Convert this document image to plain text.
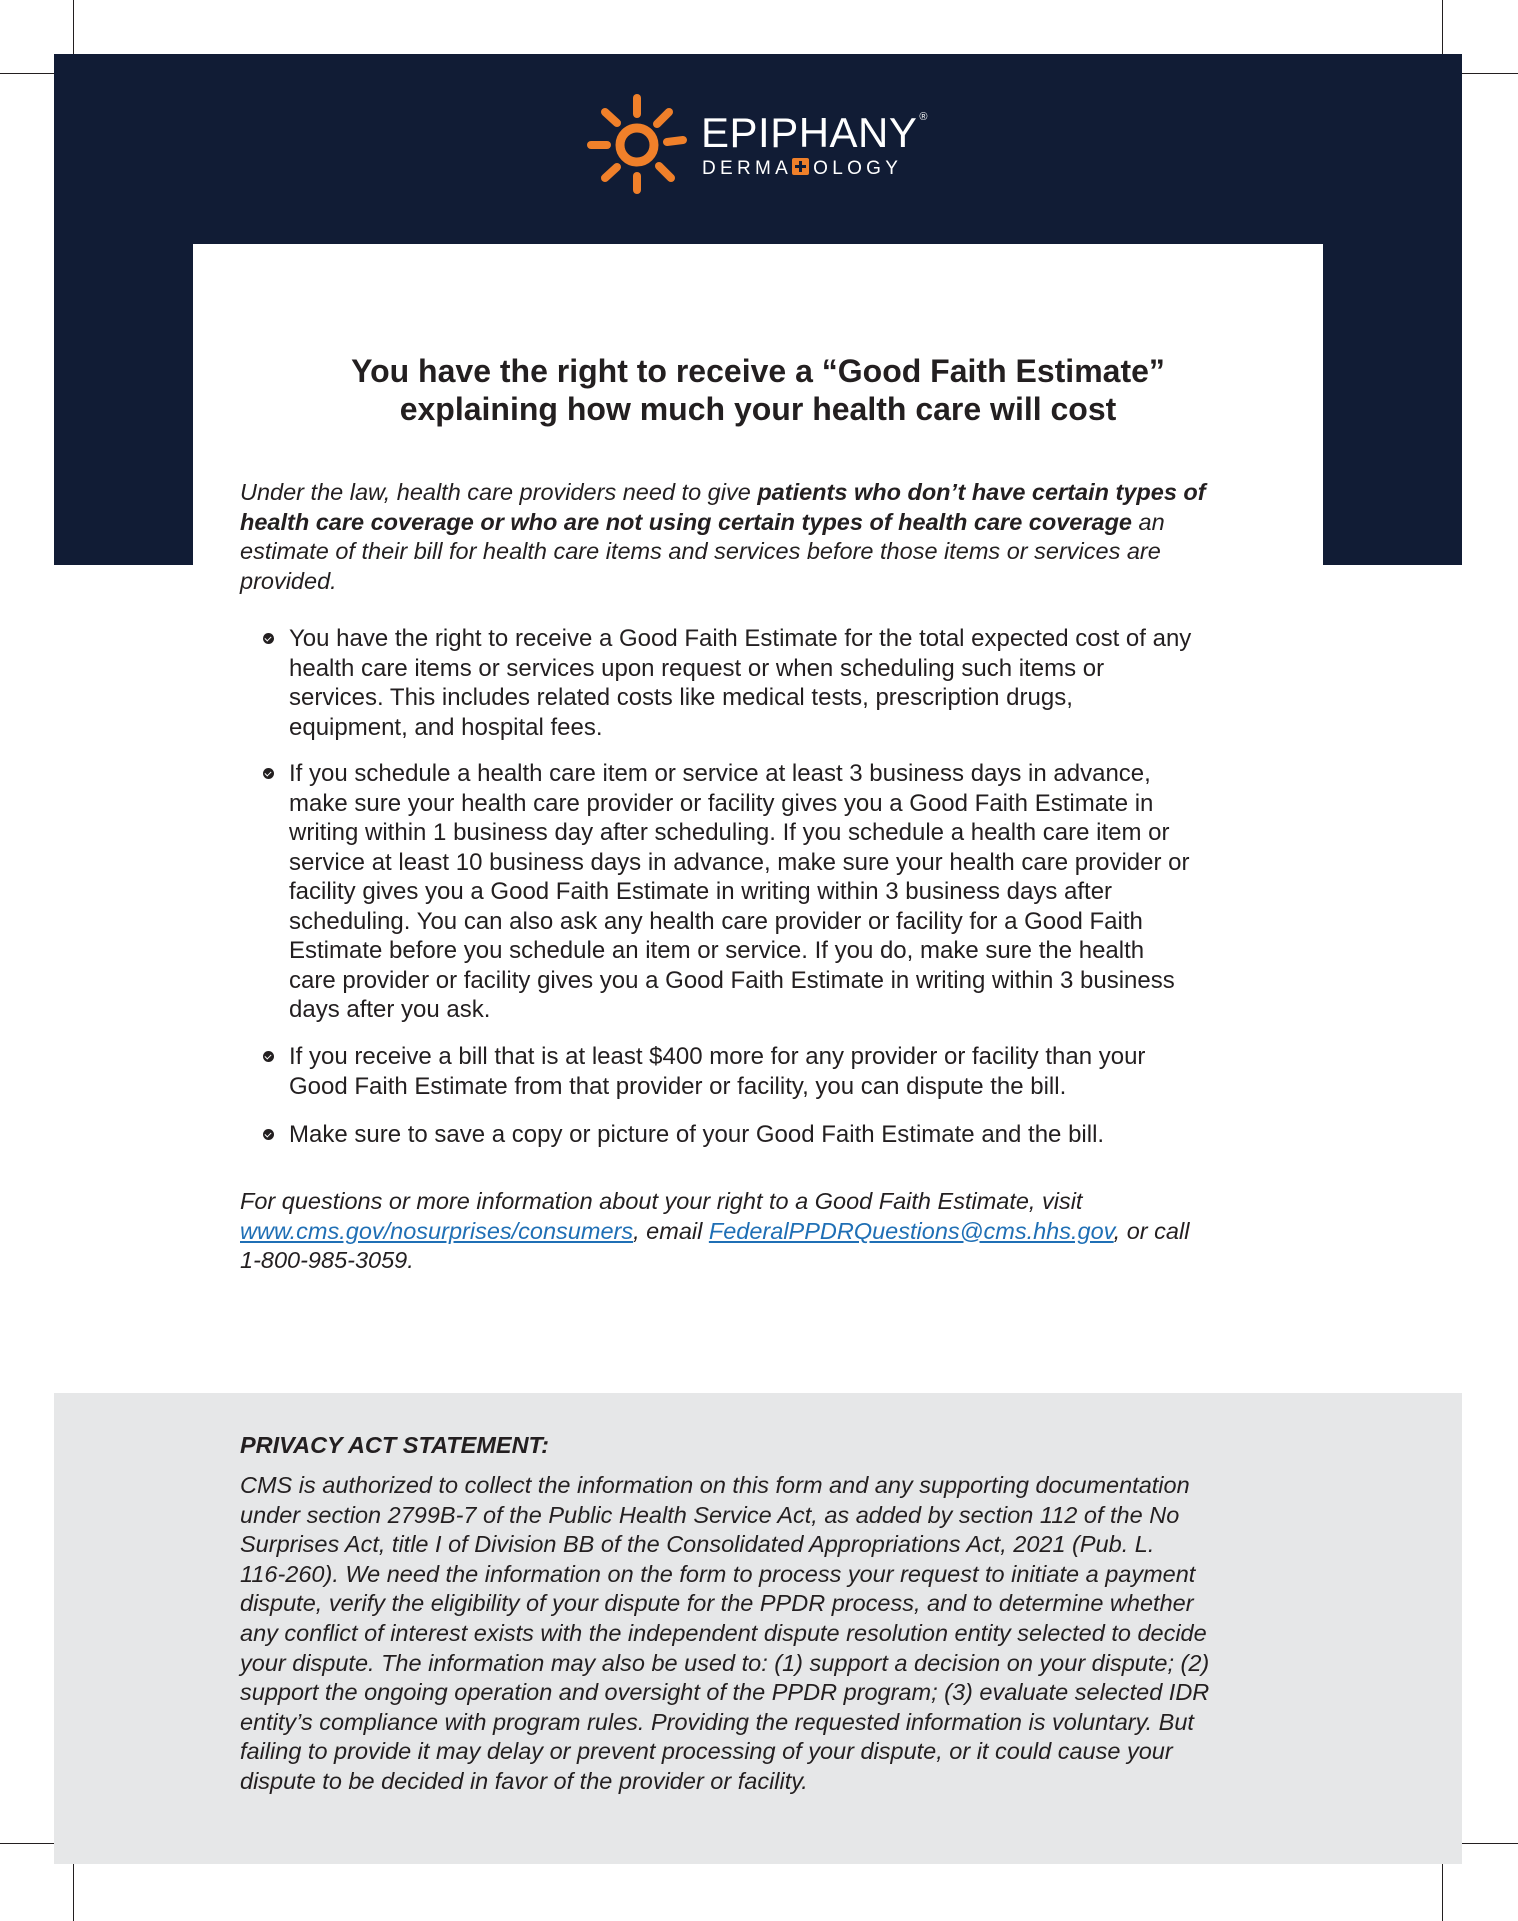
EPIPHANY ®
DERMA OLOGY
You have the right to receive a “Good Faith Estimate”
explaining how much your health care will cost
Under the law, health care providers need to give patients who don’t have certain types of
health care coverage or who are not using certain types of health care coverage an
estimate of their bill for health care items and services before those items or services are
provided.
You have the right to receive a Good Faith Estimate for the total expected cost of any
health care items or services upon request or when scheduling such items or
services. This includes related costs like medical tests, prescription drugs,
equipment, and hospital fees.
If you schedule a health care item or service at least 3 business days in advance,
make sure your health care provider or facility gives you a Good Faith Estimate in
writing within 1 business day after scheduling. If you schedule a health care item or
service at least 10 business days in advance, make sure your health care provider or
facility gives you a Good Faith Estimate in writing within 3 business days after
scheduling. You can also ask any health care provider or facility for a Good Faith
Estimate before you schedule an item or service. If you do, make sure the health
care provider or facility gives you a Good Faith Estimate in writing within 3 business
days after you ask.
If you receive a bill that is at least $400 more for any provider or facility than your
Good Faith Estimate from that provider or facility, you can dispute the bill.
Make sure to save a copy or picture of your Good Faith Estimate and the bill.
For questions or more information about your right to a Good Faith Estimate, visit
www.cms.gov/nosurprises/consumers, email FederalPPDRQuestions@cms.hhs.gov, or call
1-800-985-3059.
PRIVACY ACT STATEMENT:
CMS is authorized to collect the information on this form and any supporting documentation
under section 2799B-7 of the Public Health Service Act, as added by section 112 of the No
Surprises Act, title I of Division BB of the Consolidated Appropriations Act, 2021 (Pub. L.
116-260). We need the information on the form to process your request to initiate a payment
dispute, verify the eligibility of your dispute for the PPDR process, and to determine whether
any conflict of interest exists with the independent dispute resolution entity selected to decide
your dispute. The information may also be used to: (1) support a decision on your dispute; (2)
support the ongoing operation and oversight of the PPDR program; (3) evaluate selected IDR
entity’s compliance with program rules. Providing the requested information is voluntary. But
failing to provide it may delay or prevent processing of your dispute, or it could cause your
dispute to be decided in favor of the provider or facility.
